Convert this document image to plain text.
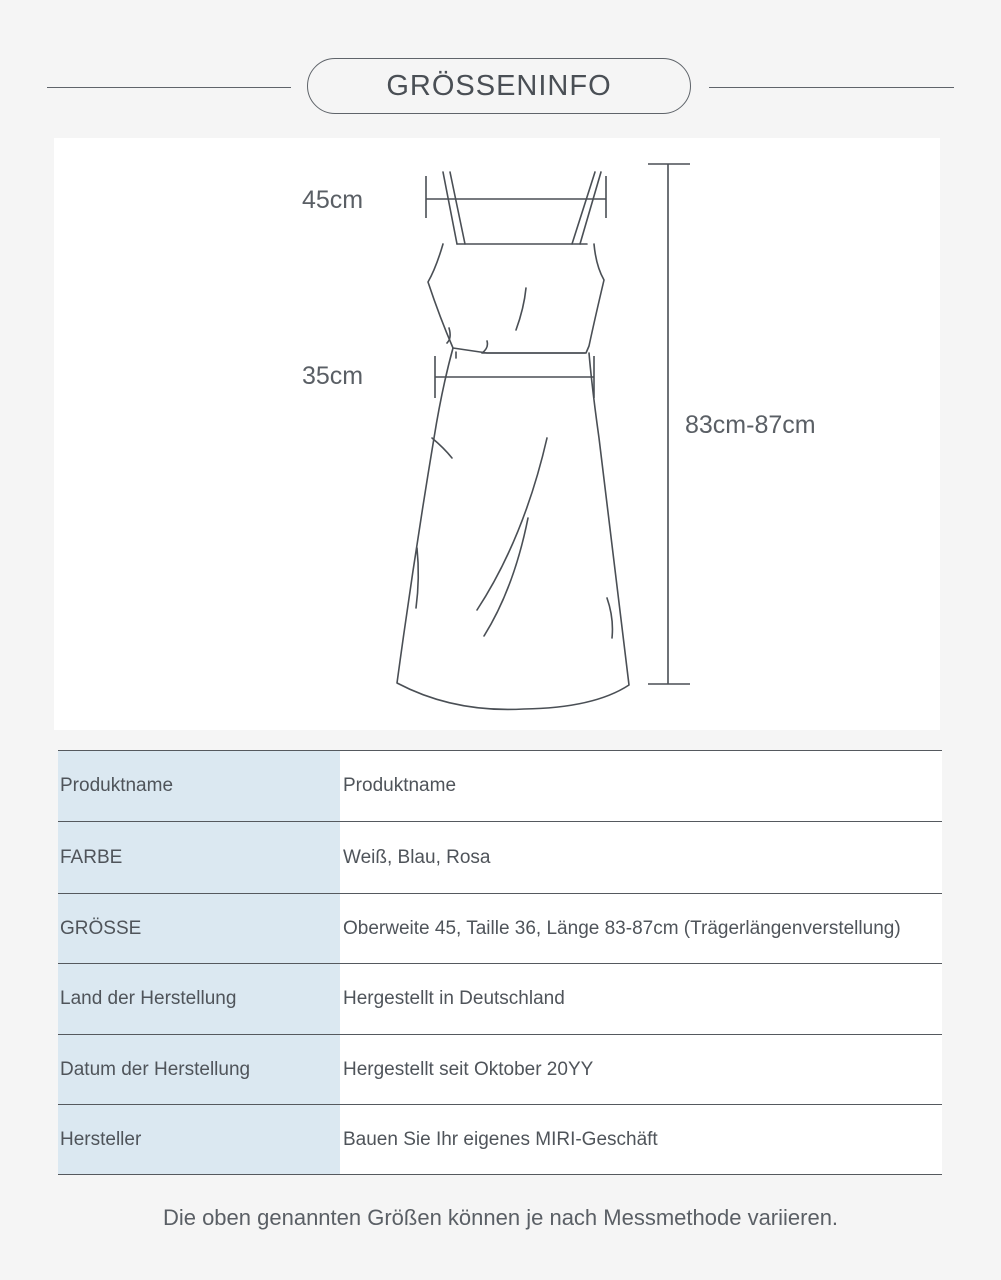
GRÖSSENINFO
45cm
35cm
83cm-87cm
Produktname	Produktname
FARBE	Weiß, Blau, Rosa
GRÖSSE	Oberweite 45, Taille 36, Länge 83-87cm (Trägerlängenverstellung)
Land der Herstellung	Hergestellt in Deutschland
Datum der Herstellung	Hergestellt seit Oktober 20YY
Hersteller	Bauen Sie Ihr eigenes MIRI-Geschäft
Die oben genannten Größen können je nach Messmethode variieren.
